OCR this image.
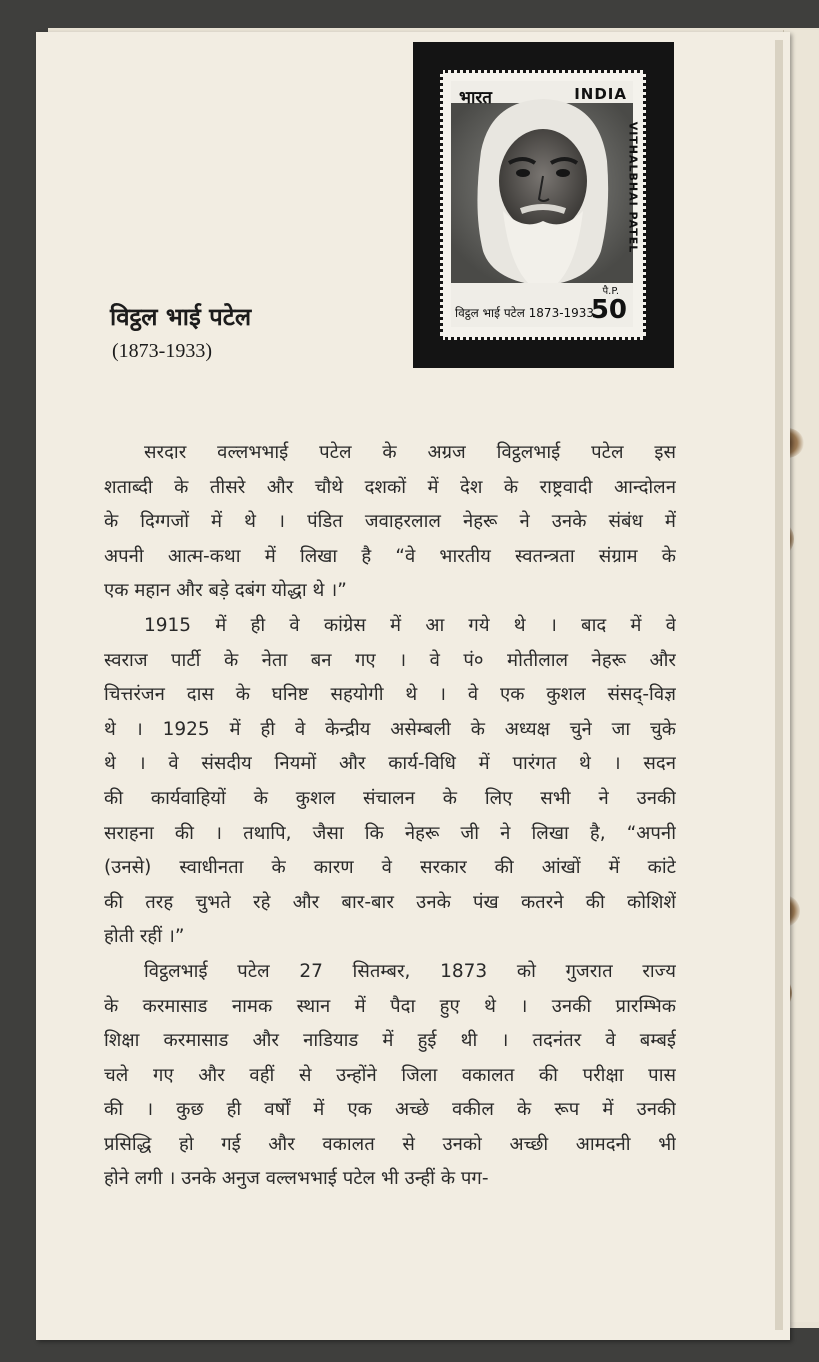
भारत	INDIA
VITHALBHAI PATEL
पै.P.
विट्ठल भाई पटेल 1873-1933
50
विट्ठल भाई पटेल
(1873-1933)
सरदार वल्लभभाई पटेल के अग्रज विट्ठलभाई पटेल इस
शताब्दी के तीसरे और चौथे दशकों में देश के राष्ट्रवादी आन्दोलन
के दिग्गजों में थे । पंडित जवाहरलाल नेहरू ने उनके संबंध में
अपनी आत्म-कथा में लिखा है “वे भारतीय स्वतन्त्रता संग्राम के
एक महान और बड़े दबंग योद्धा थे ।”
1915 में ही वे कांग्रेस में आ गये थे । बाद में वे
स्वराज पार्टी के नेता बन गए । वे पं० मोतीलाल नेहरू और
चित्तरंजन दास के घनिष्ट सहयोगी थे । वे एक कुशल संसद्-विज्ञ
थे । 1925 में ही वे केन्द्रीय असेम्बली के अध्यक्ष चुने जा चुके
थे । वे संसदीय नियमों और कार्य-विधि में पारंगत थे । सदन
की कार्यवाहियों के कुशल संचालन के लिए सभी ने उनकी
सराहना की । तथापि, जैसा कि नेहरू जी ने लिखा है, “अपनी
(उनसे) स्वाधीनता के कारण वे सरकार की आंखों में कांटे
की तरह चुभते रहे और बार-बार उनके पंख कतरने की कोशिशें
होती रहीं ।”
विट्ठलभाई पटेल 27 सितम्बर, 1873 को गुजरात राज्य
के करमासाड नामक स्थान में पैदा हुए थे । उनकी प्रारम्भिक
शिक्षा करमासाड और नाडियाड में हुई थी । तदनंतर वे बम्बई
चले गए और वहीं से उन्होंने जिला वकालत की परीक्षा पास
की । कुछ ही वर्षों में एक अच्छे वकील के रूप में उनकी
प्रसिद्धि हो गई और वकालत से उनको अच्छी आमदनी भी
होने लगी । उनके अनुज वल्लभभाई पटेल भी उन्हीं के पग-
